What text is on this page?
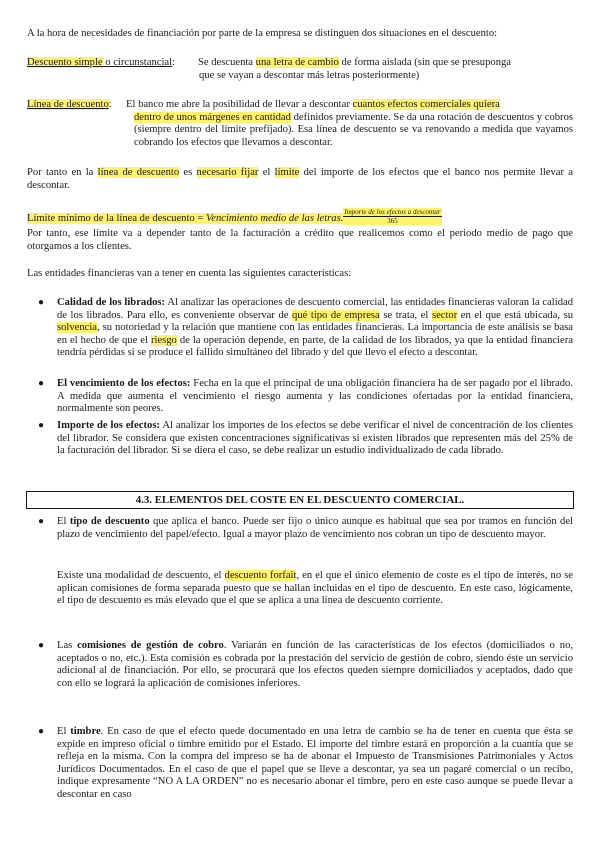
A la hora de necesidades de financiación por parte de la empresa se distinguen dos situaciones en el descuento:

Descuento simple o circunstancial:	Se descuenta una letra de cambio de forma aislada (sin que se presuponga

que se vayan a descontar más letras posteriormente)

Línea de descuento:	El banco me abre la posibilidad de llevar a descontar cuantos efectos comerciales quiera

dentro de unos márgenes en cantidad definidos previamente. Se da una rotación de descuentos y cobros (siempre dentro del límite prefijado). Esa línea de descuento se va renovando a medida que vayamos cobrando los efectos que llevamos a descontar.

Por tanto en la línea de descuento es necesario fijar el límite del importe de los efectos que el banco nos permite llevar a descontar.

Límite mínimo de la línea de descuento = Vencimiento medio de las letras. $\frac{\text{Importe de los efectos a descontar}}{365}$

Por tanto, ese límite va a depender tanto de la facturación a crédito que realicemos como el periodo medio de pago que otorgamos a los clientes.

Las entidades financieras van a tener en cuenta las siguientes características:

● Calidad de los librados: Al analizar las operaciones de descuento comercial, las entidades financieras valoran la calidad de los librados. Para ello, es conveniente observar de qué tipo de empresa se trata, el sector en el que está ubicada, su solvencia, su notoriedad y la relación que mantiene con las entidades financieras. La importancia de este análisis se basa en el hecho de que el riesgo de la operación depende, en parte, de la calidad de los librados, ya que la entidad financiera tendría pérdidas si se produce el fallido simultáneo del librado y del que llevo el efecto a descontar.

● El vencimiento de los efectos: Fecha en la que el principal de una obligación financiera ha de ser pagado por el librado. A medida que aumenta el vencimiento el riesgo aumenta y las condiciones ofertadas por la entidad financiera, normalmente son peores.

● Importe de los efectos: Al analizar los importes de los efectos se debe verificar el nivel de concentración de los clientes del librador. Se considera que existen concentraciones significativas si existen librados que representen más del 25% de la facturación del librador. Si se diera el caso, se debe realizar un estudio individualizado de cada librado.

4.3. ELEMENTOS DEL COSTE EN EL DESCUENTO COMERCIAL.
● El tipo de descuento que aplica el banco. Puede ser fijo o único aunque es habitual que sea por tramos en función del plazo de vencimiento del papel/efecto. Igual a mayor plazo de vencimiento nos cobran un tipo de descuento mayor.

Existe una modalidad de descuento, el descuento forfait, en el que el único elemento de coste es el tipo de interés, no se aplican comisiones de forma separada puesto que se hallan incluidas en el tipo de descuento. En este caso, lógicamente, el tipo de descuento es más elevado que el que se aplica a una línea de descuento corriente.

● Las comisiones de gestión de cobro. Variarán en función de las características de los efectos (domiciliados o no, aceptados o no, etc.). Esta comisión es cobrada por la prestación del servicio de gestión de cobro, siendo éste un servicio adicional al de financiación. Por ello, se procurará que los efectos queden siempre domiciliados y aceptados, dado que con ello se logrará la aplicación de comisiones inferiores.

● El timbre. En caso de que el efecto quede documentado en una letra de cambio se ha de tener en cuenta que ésta se expide en impreso oficial o timbre emitido por el Estado. El importe del timbre estará en proporción a la cuantía que se refleja en la misma. Con la compra del impreso se ha de abonar el Impuesto de Transmisiones Patrimoniales y Actos Jurídicos Documentados. En el caso de que el papel que se lleve a descontar, ya sea un pagaré comercial o un recibo, indique expresamente “NO A LA ORDEN” no es necesario abonar el timbre, pero en este caso aunque se puede llevar a descontar en caso
